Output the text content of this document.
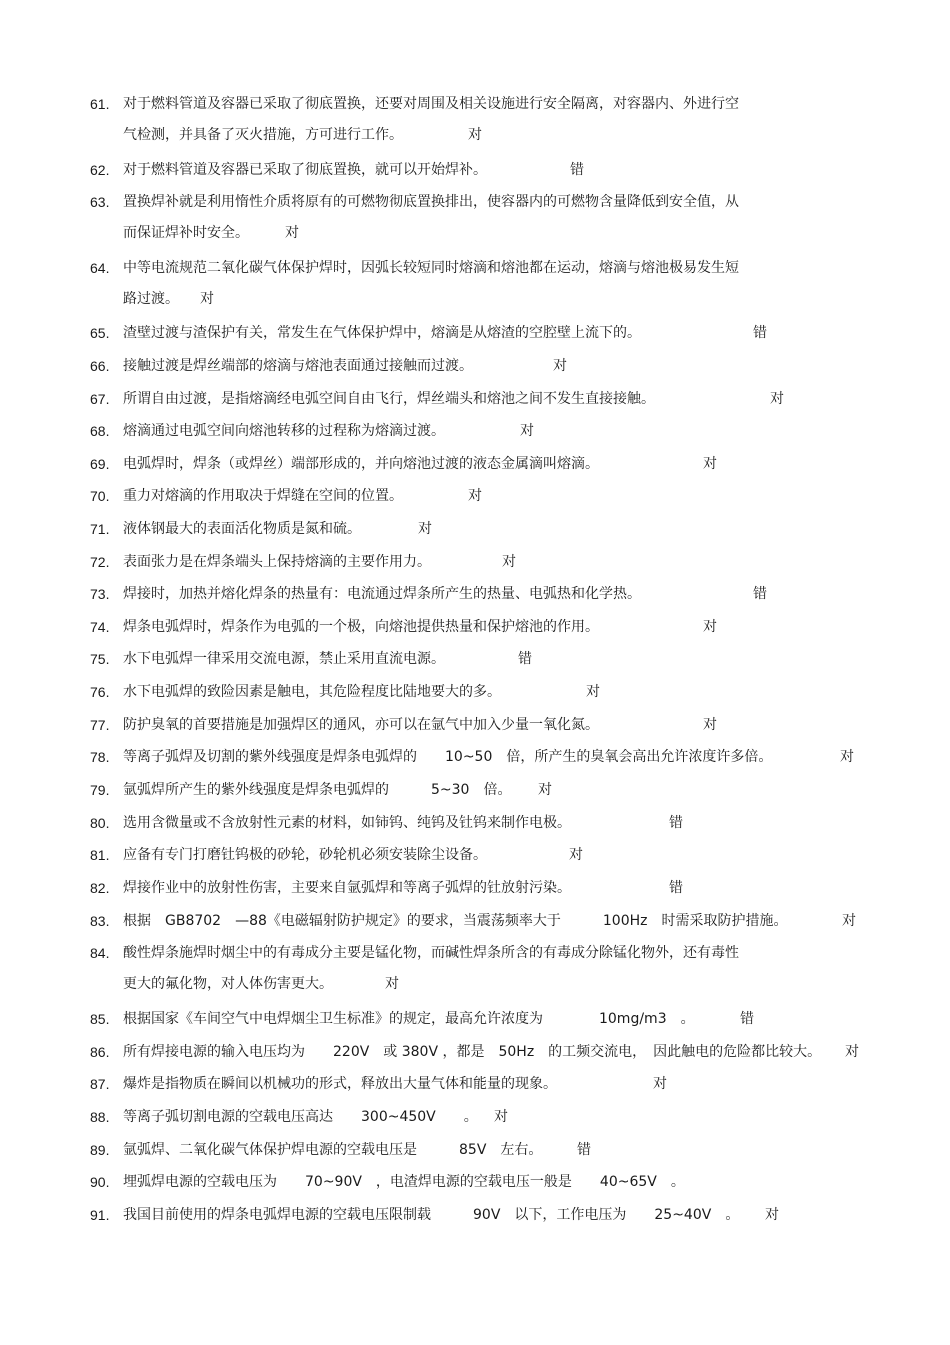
61. 对于燃料管道及容器已采取了彻底置换，还要对周围及相关设施进行安全隔离，对容器内、外进行空
气检测，并具备了灭火措施，方可进行工作。	对
62. 对于燃料管道及容器已采取了彻底置换，就可以开始焊补。	错
63. 置换焊补就是利用惰性介质将原有的可燃物彻底置换排出，使容器内的可燃物含量降低到安全值，从
而保证焊补时安全。	对
64. 中等电流规范二氧化碳气体保护焊时，因弧长较短同时熔滴和熔池都在运动，熔滴与熔池极易发生短
路过渡。 对
65. 渣壁过渡与渣保护有关，常发生在气体保护焊中，熔滴是从熔渣的空腔壁上流下的。	错
66. 接触过渡是焊丝端部的熔滴与熔池表面通过接触而过渡。	对
67. 所谓自由过渡，是指熔滴经电弧空间自由飞行，焊丝端头和熔池之间不发生直接接触。	对
68. 熔滴通过电弧空间向熔池转移的过程称为熔滴过渡。	对
69. 电弧焊时，焊条（或焊丝）端部形成的，并向熔池过渡的液态金属滴叫熔滴。	对
70. 重力对熔滴的作用取决于焊缝在空间的位置。	对
71. 液体钢最大的表面活化物质是氮和硫。	对
72. 表面张力是在焊条端头上保持熔滴的主要作用力。	对
73. 焊接时，加热并熔化焊条的热量有：电流通过焊条所产生的热量、电弧热和化学热。	错
74. 焊条电弧焊时，焊条作为电弧的一个极，向熔池提供热量和保护熔池的作用。	对
75. 水下电弧焊一律采用交流电源，禁止采用直流电源。	错
76. 水下电弧焊的致险因素是触电，其危险程度比陆地要大的多。	对
77. 防护臭氧的首要措施是加强焊区的通风，亦可以在氩气中加入少量一氧化氮。	对
78. 等离子弧焊及切割的紫外线强度是焊条电弧焊的　　10~50　倍，所产生的臭氧会高出允许浓度许多倍。	对
79. 氩弧焊所产生的紫外线强度是焊条电弧焊的　　　5~30　倍。 对
80. 选用含微量或不含放射性元素的材料，如铈钨、纯钨及钍钨来制作电极。	错
81. 应备有专门打磨钍钨极的砂轮，砂轮机必须安装除尘设备。	对
82. 焊接作业中的放射性伤害，主要来自氩弧焊和等离子弧焊的钍放射污染。	错
83. 根据　GB8702　—88《电磁辐射防护规定》的要求，当震荡频率大于　　　100Hz　时需采取防护措施。	对
84. 酸性焊条施焊时烟尘中的有毒成分主要是锰化物，而碱性焊条所含的有毒成分除锰化物外，还有毒性
更大的氟化物，对人体伤害更大。	对
85. 根据国家《车间空气中电焊烟尘卫生标准》的规定，最高允许浓度为　　　　10mg/m3　。	错
86. 所有焊接电源的输入电压均为　　220V　或 380V ，都是　50Hz　的工频交流电，　因此触电的危险都比较大。 对
87. 爆炸是指物质在瞬间以机械功的形式，释放出大量气体和能量的现象。	对
88. 等离子弧切割电源的空载电压高达　　300~450V　　。 对
89. 氩弧焊、二氧化碳气体保护焊电源的空载电压是　　　85V　左右。 错
90. 埋弧焊电源的空载电压为　　70~90V　，电渣焊电源的空载电压一般是　　40~65V　。
91. 我国目前使用的焊条电弧焊电源的空载电压限制载　　　90V　以下，工作电压为　　25~40V　。 对
